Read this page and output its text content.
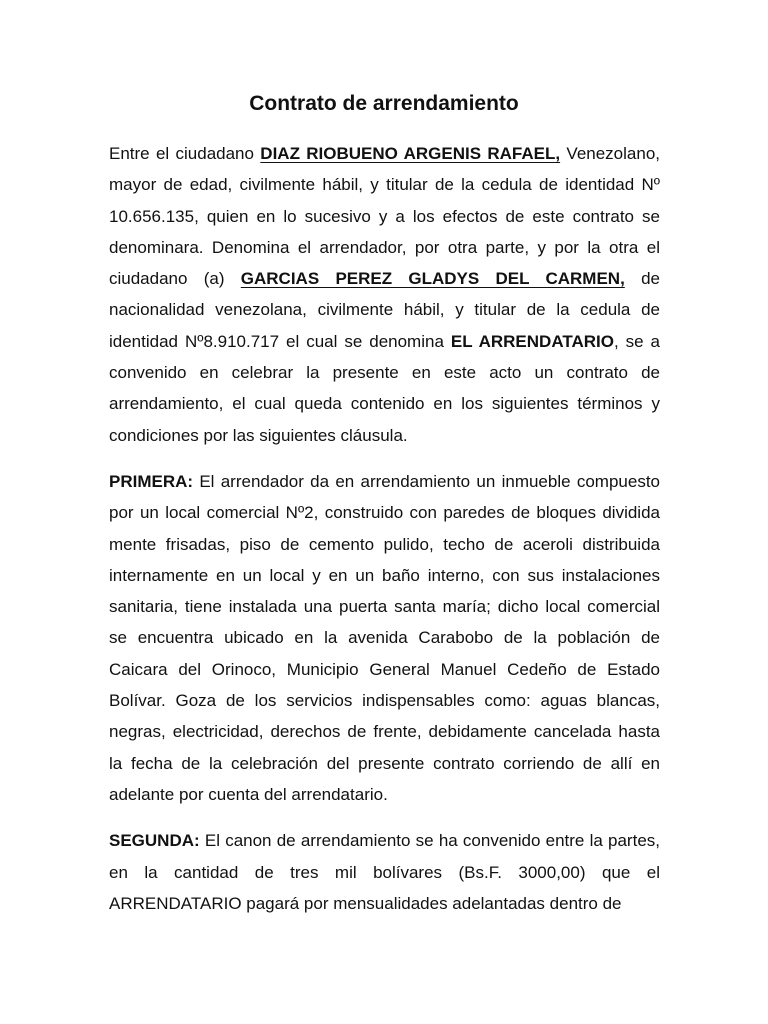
Contrato de arrendamiento

Entre el ciudadano DIAZ RIOBUENO ARGENIS RAFAEL, Venezolano, mayor de edad, civilmente hábil, y titular de la cedula de identidad Nº 10.656.135, quien en lo sucesivo y a los efectos de este contrato se denominara. Denomina el arrendador, por otra parte, y por la otra el ciudadano (a) GARCIAS PEREZ GLADYS DEL CARMEN, de nacionalidad venezolana, civilmente hábil, y titular de la cedula de identidad Nº8.910.717 el cual se denomina EL ARRENDATARIO, se a convenido en celebrar la presente en este acto un contrato de arrendamiento, el cual queda contenido en los siguientes términos y condiciones por las siguientes cláusula.

PRIMERA: El arrendador da en arrendamiento un inmueble compuesto por un local comercial Nº2, construido con paredes de bloques dividida mente frisadas, piso de cemento pulido, techo de aceroli distribuida internamente en un local y en un baño interno, con sus instalaciones sanitaria, tiene instalada una puerta santa maría; dicho local comercial se encuentra ubicado en la avenida Carabobo de la población de Caicara del Orinoco, Municipio General Manuel Cedeño de Estado Bolívar. Goza de los servicios indispensables como: aguas blancas, negras, electricidad, derechos de frente, debidamente cancelada hasta la fecha de la celebración del presente contrato corriendo de allí en adelante por cuenta del arrendatario.

SEGUNDA: El canon de arrendamiento se ha convenido entre la partes, en la cantidad de tres mil bolívares (Bs.F. 3000,00) que el ARRENDATARIO pagará por mensualidades adelantadas dentro de
